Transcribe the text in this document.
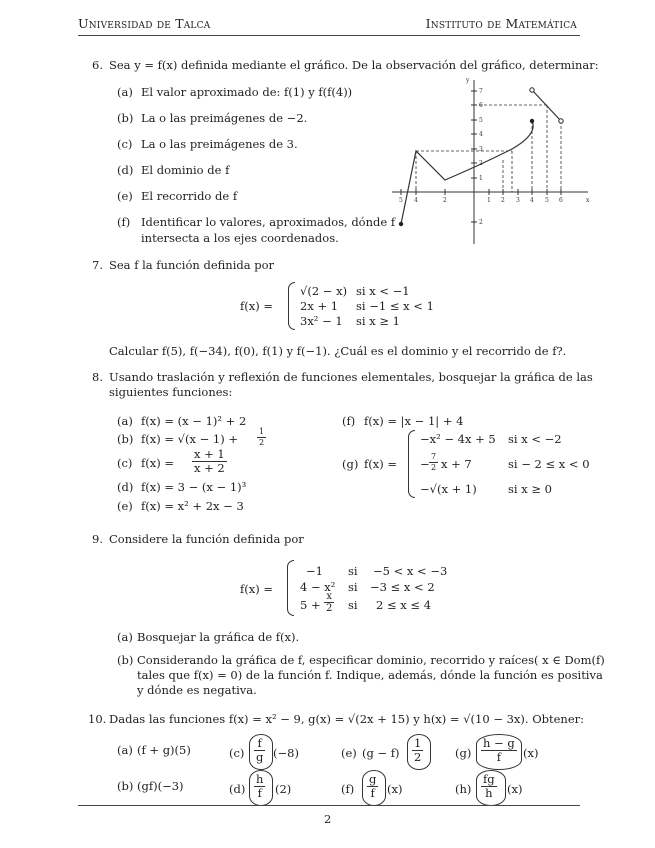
Universidad de Talca	Instituto de Matemática
6. Sea y = f(x) definida mediante el gráfico. De la observación del gráfico, determinar:
(a) El valor aproximado de: f(1) y f(f(4))
(b) La o las preimágenes de −2.
(c) La o las preimágenes de 3.
(d) El dominio de f
(e) El recorrido de f
(f) Identificar lo valores, aproximados, dónde f
intersecta a los ejes coordenados.
y
x
7
6
5
4
3
2
1
2
5 4	2	1 2 3 4 5 6
7. Sea f la función definida por
f(x) =
√(2 − x) si x < −1
2x + 1 si −1 ≤ x < 1
3x² − 1 si x ≥ 1
Calcular f(5), f(−34), f(0), f(1) y f(−1). ¿Cuál es el dominio y el recorrido de f?.
8. Usando traslación y reflexión de funciones elementales, bosquejar la gráfica de las
siguientes funciones:
(a) f(x) = (x − 1)² + 2
(b) $f(x) = √(x - 1) + \frac{1}{2}$
(c) $f(x) = \frac{x + 1}{x + 2}$
(d) f(x) = 3 − (x − 1)³
(e) f(x) = x² + 2x − 3
(f) f(x) = |x − 1| + 4
(g) f(x) =
−x² − 4x + 5 si x < −2
− $\frac{7}{2}$ x + 7	si − 2 ≤ x < 0
−√(x + 1)	si x ≥ 0
9. Considere la función definida por
f(x) =
−1 si −5 < x < −3
4 − x² si −3 ≤ x < 2
$5 + \frac{x}{2}$ si 2 ≤ x ≤ 4
(a) Bosquejar la gráfica de f(x).
(b) Considerando la gráfica de f, especificar dominio, recorrido y raíces( x ∈ Dom(f)
tales que f(x) = 0) de la función f. Indique, además, dónde la función es positiva
y dónde es negativa.
10. Dadas las funciones f(x) = x² − 9, g(x) = √(2x + 15) y h(x) = √(10 − 3x). Obtener:
(a) (f + g)(5)
(b) (gf)(−3)
$(c) \frac{f}{g} (-8)$
$(d) \frac{h}{f} (2)$
(e) $(g - f) \frac{1}{2}$
$(f) \frac{g}{f} (x)$
$(g) \frac{h - g}{f} (x)$
$(h) \frac{fg}{h} (x)$
2
